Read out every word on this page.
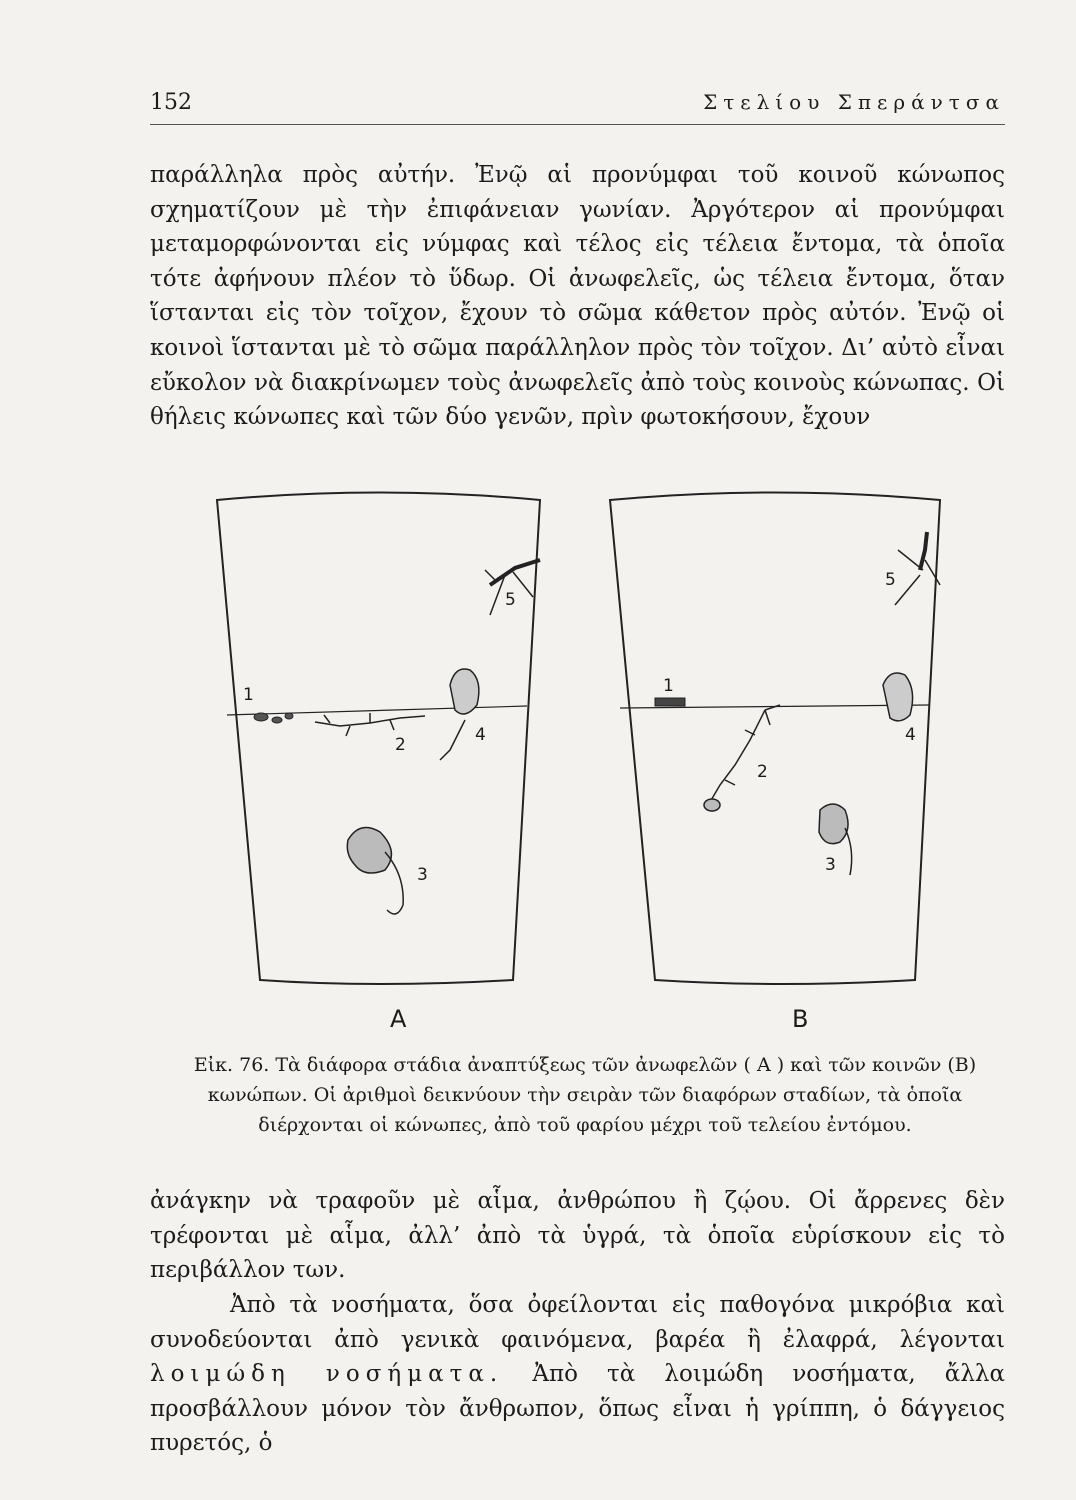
152	Στελίου Σπεράντσα

παράλληλα πρὸς αὐτήν. Ἐνῷ αἱ προνύμφαι τοῦ κοινοῦ κώνωπος σχηματίζουν μὲ τὴν ἐπιφάνειαν γωνίαν. Ἀργότερον αἱ προνύμφαι μεταμορφώνονται εἰς νύμφας καὶ τέλος εἰς τέλεια ἔντομα, τὰ ὁποῖα τότε ἀφήνουν πλέον τὸ ὕδωρ. Οἱ ἀνωφελεῖς, ὡς τέλεια ἔντομα, ὅταν ἵστανται εἰς τὸν τοῖχον, ἔχουν τὸ σῶμα κάθετον πρὸς αὐτόν. Ἐνῷ οἱ κοινοὶ ἵστανται μὲ τὸ σῶμα παράλληλον πρὸς τὸν τοῖχον. Δι’ αὐτὸ εἶναι εὔκολον νὰ διακρίνωμεν τοὺς ἀνωφελεῖς ἀπὸ τοὺς κοινοὺς κώνωπας. Οἱ θήλεις κώνωπες καὶ τῶν δύο γενῶν, πρὶν φωτοκήσουν, ἔχουν

1
2
3
4
5
1
2
3
4
5
A	B

Εἰκ. 76. Τὰ διάφορα στάδια ἀναπτύξεως τῶν ἀνωφελῶν ( A ) καὶ τῶν κοινῶν (B) κωνώπων. Οἱ ἀριθμοὶ δεικνύουν τὴν σειρὰν τῶν διαφόρων σταδίων, τὰ ὁποῖα διέρχονται οἱ κώνωπες, ἀπὸ τοῦ φαρίου μέχρι τοῦ τελείου ἐντόμου.

ἀνάγκην νὰ τραφοῦν μὲ αἷμα, ἀνθρώπου ἢ ζῴου. Οἱ ἄρρενες δὲν τρέφονται μὲ αἷμα, ἀλλ’ ἀπὸ τὰ ὑγρά, τὰ ὁποῖα εὑρίσκουν εἰς τὸ περιβάλλον των.

Ἀπὸ τὰ νοσήματα, ὅσα ὀφείλονται εἰς παθογόνα μικρόβια καὶ συνοδεύονται ἀπὸ γενικὰ φαινόμενα, βαρέα ἢ ἐλαφρά, λέγονται λοιμώδη νοσήματα. Ἀπὸ τὰ λοιμώδη νοσήματα, ἄλλα προσβάλλουν μόνον τὸν ἄνθρωπον, ὅπως εἶναι ἡ γρίππη, ὁ δάγγειος πυρετός, ὁ
